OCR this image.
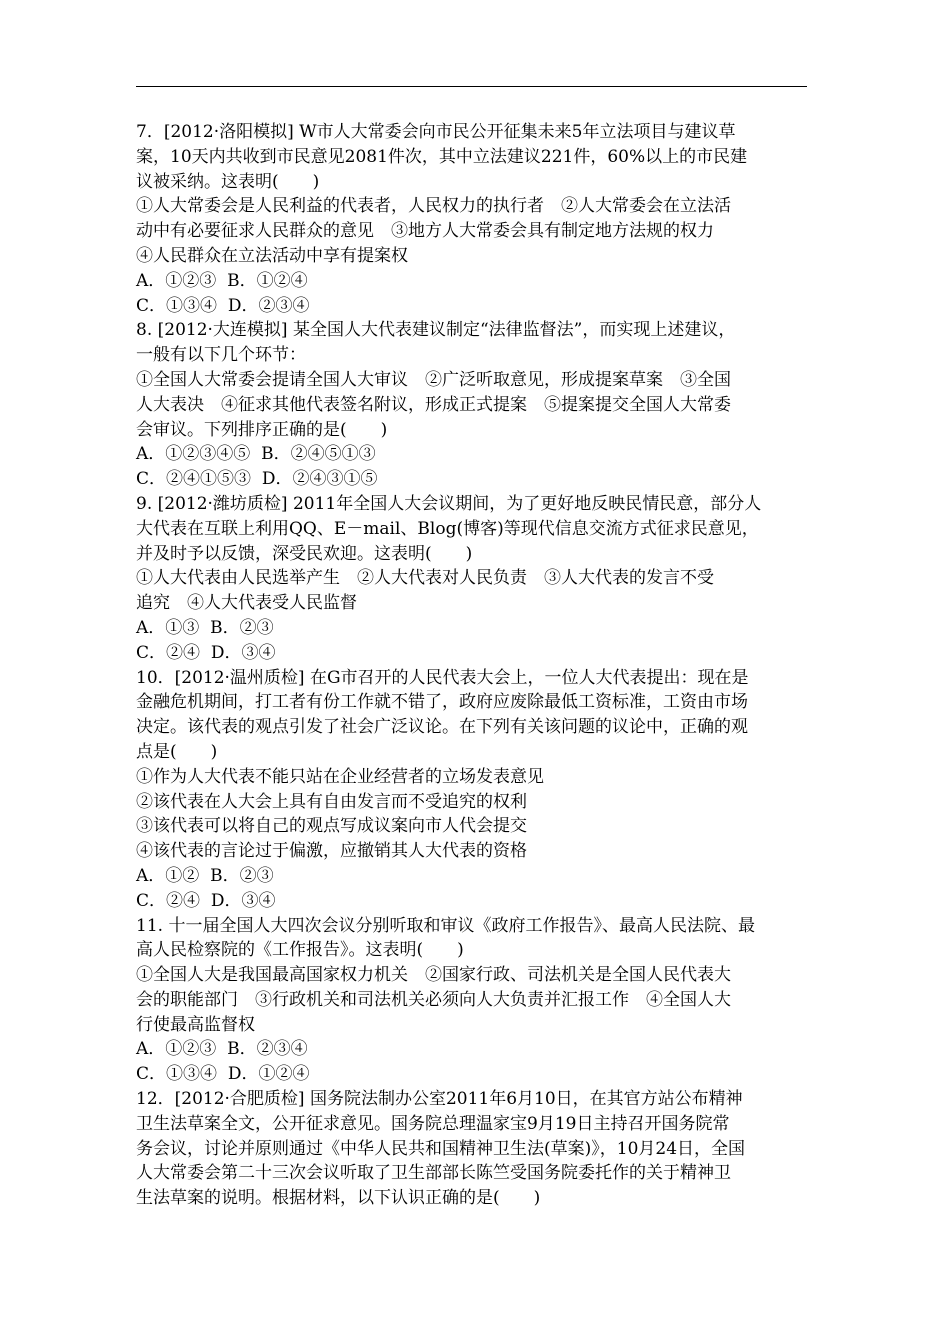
7．[2012·洛阳模拟] W市人大常委会向市民公开征集未来5年立法项目与建议草
案，10天内共收到市民意见2081件次，其中立法建议221件，60%以上的市民建
议被采纳。这表明(　　)
①人大常委会是人民利益的代表者，人民权力的执行者　②人大常委会在立法活
动中有必要征求人民群众的意见　③地方人大常委会具有制定地方法规的权力　
④人民群众在立法活动中享有提案权
A．①②③  B．①②④
C．①③④  D．②③④
8. [2012·大连模拟] 某全国人大代表建议制定“法律监督法”，而实现上述建议，
一般有以下几个环节：
①全国人大常委会提请全国人大审议　②广泛听取意见，形成提案草案　③全国
人大表决　④征求其他代表签名附议，形成正式提案　⑤提案提交全国人大常委
会审议。下列排序正确的是(　　)
A．①②③④⑤  B．②④⑤①③
C．②④①⑤③  D．②④③①⑤
9. [2012·潍坊质检] 2011年全国人大会议期间，为了更好地反映民情民意，部分人
大代表在互联上利用QQ、E－mail、Blog(博客)等现代信息交流方式征求民意见，
并及时予以反馈，深受民欢迎。这表明(　　)
①人大代表由人民选举产生　②人大代表对人民负责　③人大代表的发言不受
追究　④人大代表受人民监督
A．①③  B．②③
C．②④  D．③④
10．[2012·温州质检] 在G市召开的人民代表大会上，一位人大代表提出：现在是
金融危机期间，打工者有份工作就不错了，政府应废除最低工资标准，工资由市场
决定。该代表的观点引发了社会广泛议论。在下列有关该问题的议论中，正确的观
点是(　　)
①作为人大代表不能只站在企业经营者的立场发表意见
②该代表在人大会上具有自由发言而不受追究的权利
③该代表可以将自己的观点写成议案向市人代会提交
④该代表的言论过于偏激，应撤销其人大代表的资格
A．①②  B．②③
C．②④  D．③④
11. 十一届全国人大四次会议分别听取和审议《政府工作报告》、最高人民法院、最
高人民检察院的《工作报告》。这表明(　　)
①全国人大是我国最高国家权力机关　②国家行政、司法机关是全国人民代表大
会的职能部门　③行政机关和司法机关必须向人大负责并汇报工作　④全国人大
行使最高监督权
A．①②③  B．②③④
C．①③④  D．①②④
12．[2012·合肥质检] 国务院法制办公室2011年6月10日，在其官方站公布精神
卫生法草案全文，公开征求意见。国务院总理温家宝9月19日主持召开国务院常
务会议，讨论并原则通过《中华人民共和国精神卫生法(草案)》，10月24日，全国
人大常委会第二十三次会议听取了卫生部部长陈竺受国务院委托作的关于精神卫
生法草案的说明。根据材料，以下认识正确的是(　　)
